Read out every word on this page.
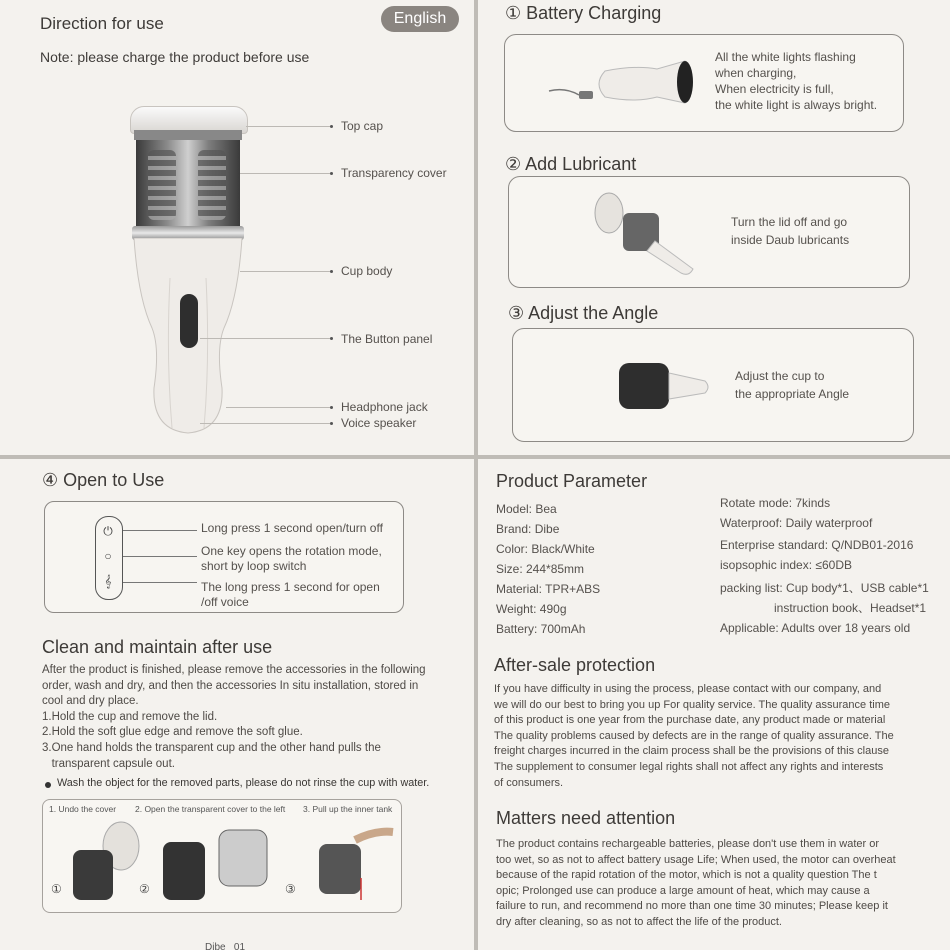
Direction for use	English
Note: please charge the product before use
Top cap
Transparency cover
Cup body
The Button panel
Headphone jack
Voice speaker
① Battery Charging
All the white lights flashing
when charging,
When electricity is full,
the white light is always bright.
② Add Lubricant
Turn the lid off and go
inside Daub lubricants
③ Adjust the Angle
Adjust the cup to
the appropriate Angle
④ Open to Use
⏻
○
𝄞
Long press 1 second open/turn off
One key opens the rotation mode,
short by loop switch
The long press 1 second for open
/off voice
Clean and maintain after use
After the product is finished, please remove the accessories in the following
order, wash and dry, and then the accessories In situ installation, stored in
cool and dry place.
1.Hold the cup and remove the lid.
2.Hold the soft glue edge and remove the soft glue.
3.One hand holds the transparent cup and the other hand pulls the
transparent capsule out.
Wash the object for the removed parts, please do not rinse the cup with water.
1. Undo the cover 2. Open the transparent cover to the left 3. Pull up the inner tank
①	②	③
Dibe   01
Product Parameter
Model: Bea
Brand: Dibe
Color: Black/White
Size: 244*85mm
Material: TPR+ABS
Weight: 490g
Battery: 700mAh
Rotate mode: 7kinds
Waterproof: Daily waterproof
Enterprise standard: Q/NDB01-2016
isopsophic index: ≤60DB
packing list: Cup body*1、USB cable*1
instruction book、Headset*1
Applicable: Adults over 18 years old
After-sale protection
If you have difficulty in using the process, please contact with our company, and
we will do our best to bring you up For quality service. The quality assurance time
of this product is one year from the purchase date, any product made or material
The quality problems caused by defects are in the range of quality assurance. The
freight charges incurred in the claim process shall be the provisions of this clause
The supplement to consumer legal rights shall not affect any rights and interests
of consumers.
Matters need attention
The product contains rechargeable batteries, please don't use them in water or
too wet, so as not to affect battery usage Life; When used, the motor can overheat
because of the rapid rotation of the motor, which is not a quality question The t
opic; Prolonged use can produce a large amount of heat, which may cause a
failure to run, and recommend no more than one time 30 minutes; Please keep it
dry after cleaning, so as not to affect the life of the product.
